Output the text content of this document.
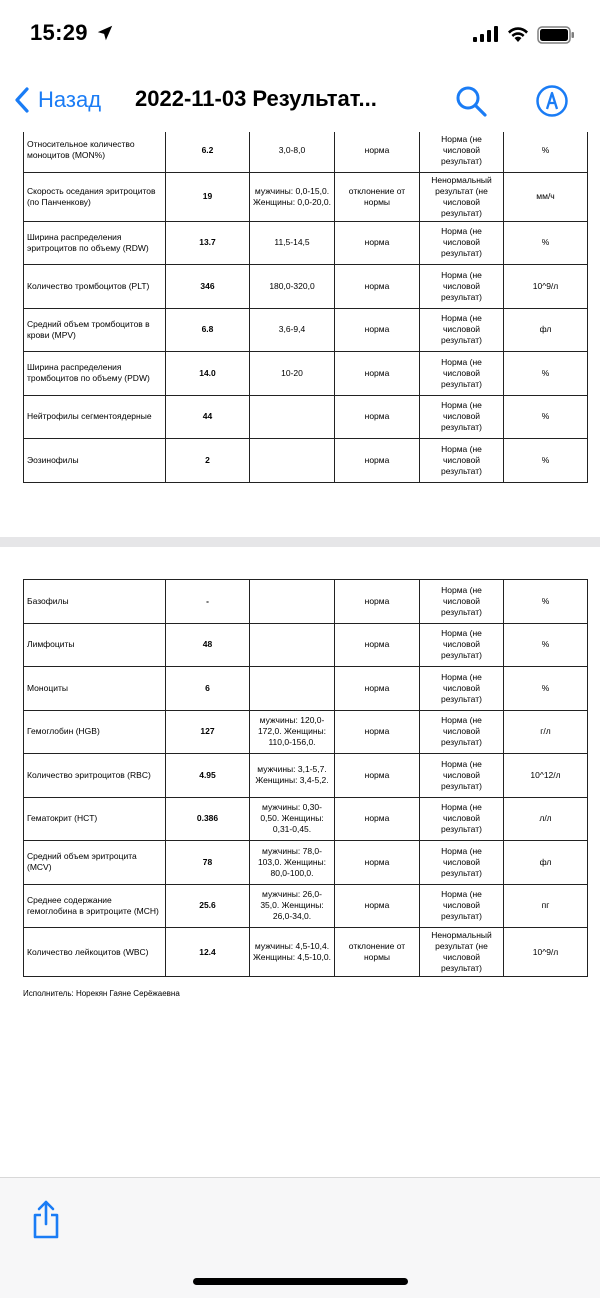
15:29
Назад 2022-11-03 Результат...
Относительное количество моноцитов (MON%)	6.2	3,0-8,0	норма	Норма (не числовой результат)	%
Скорость оседания эритроцитов (по Панченкову)	19	мужчины: 0,0-15,0. Женщины: 0,0-20,0.	отклонение от нормы	Ненормальный результат (не числовой результат)	мм/ч
Ширина распределения эритроцитов по объему (RDW)	13.7	11,5-14,5	норма	Норма (не числовой результат)	%
Количество тромбоцитов (PLT)	346	180,0-320,0	норма	Норма (не числовой результат)	10^9/л
Средний объем тромбоцитов в крови (MPV)	6.8	3,6-9,4	норма	Норма (не числовой результат)	фл
Ширина распределения тромбоцитов по объему (PDW)	14.0	10-20	норма	Норма (не числовой результат)	%
Нейтрофилы сегментоядерные	44		норма	Норма (не числовой результат)	%
Эозинофилы	2		норма	Норма (не числовой результат)	%
Базофилы	-		норма	Норма (не числовой результат)	%
Лимфоциты	48		норма	Норма (не числовой результат)	%
Моноциты	6		норма	Норма (не числовой результат)	%
Гемоглобин (HGB)	127	мужчины: 120,0-172,0. Женщины: 110,0-156,0.	норма	Норма (не числовой результат)	г/л
Количество эритроцитов (RBC)	4.95	мужчины: 3,1-5,7. Женщины: 3,4-5,2.	норма	Норма (не числовой результат)	10^12/л
Гематокрит (HCT)	0.386	мужчины: 0,30-0,50. Женщины: 0,31-0,45.	норма	Норма (не числовой результат)	л/л
Средний объем эритроцита (MCV)	78	мужчины: 78,0-103,0. Женщины: 80,0-100,0.	норма	Норма (не числовой результат)	фл
Среднее содержание гемоглобина в эритроците (MCH)	25.6	мужчины: 26,0-35,0. Женщины: 26,0-34,0.	норма	Норма (не числовой результат)	пг
Количество лейкоцитов (WBC)	12.4	мужчины: 4,5-10,4. Женщины: 4,5-10,0.	отклонение от нормы	Ненормальный результат (не числовой результат)	10^9/л
Исполнитель: Норекян Гаяне Серёжаевна
